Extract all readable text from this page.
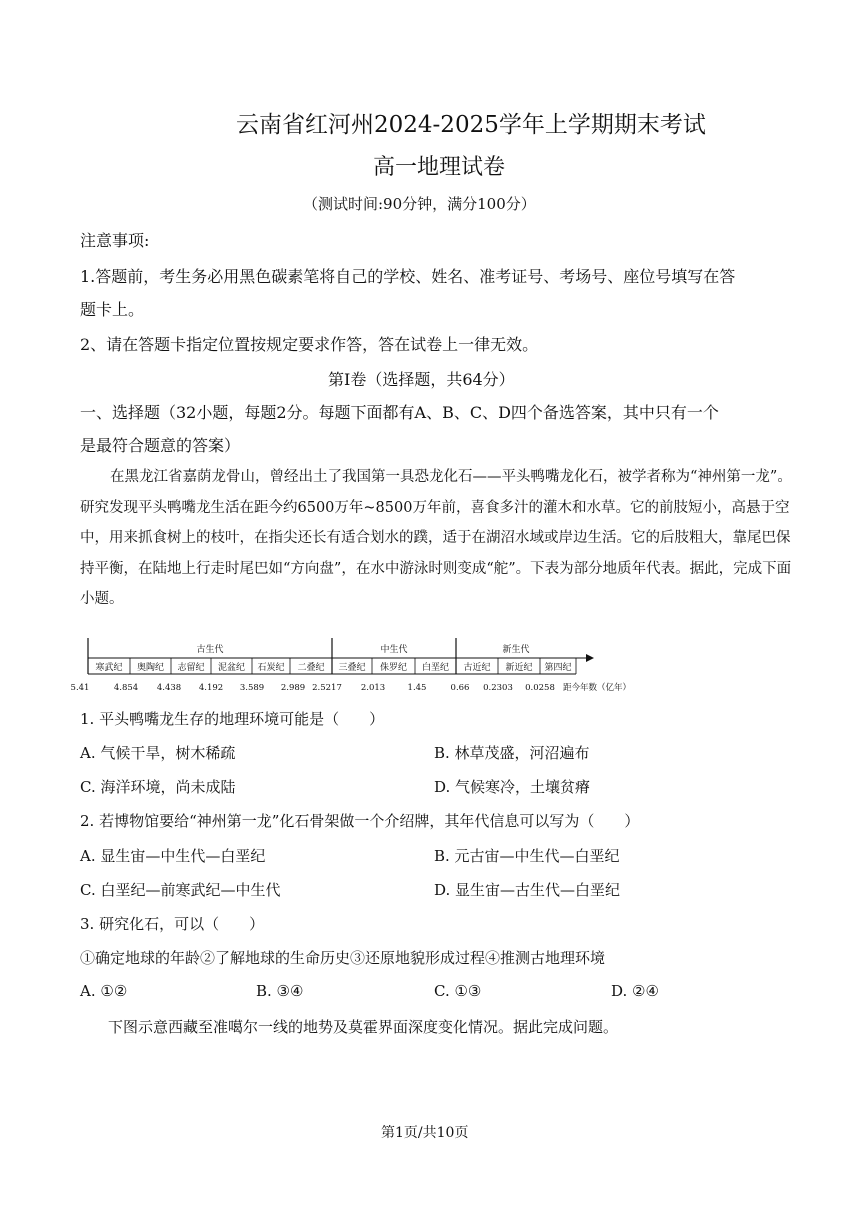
云南省红河州2024-2025学年上学期期末考试
高一地理试卷
（测试时间:90分钟，满分100分）
注意事项:
1.答题前，考生务必用黑色碳素笔将自己的学校、姓名、准考证号、考场号、座位号填写在答
题卡上。
2、请在答题卡指定位置按规定要求作答，答在试卷上一律无效。
第I卷（选择题，共64分）
一、选择题（32小题，每题2分。每题下面都有A、B、C、D四个备选答案，其中只有一个
是最符合题意的答案）
在黑龙江省嘉荫龙骨山，曾经出土了我国第一具恐龙化石——平头鸭嘴龙化石，被学者称为“神州第一龙”。研究发现平头鸭嘴龙生活在距今约6500万年~8500万年前，喜食多汁的灌木和水草。它的前肢短小，高悬于空中，用来抓食树上的枝叶，在指尖还长有适合划水的蹼，适于在湖沼水域或岸边生活。它的后肢粗大，靠尾巴保持平衡，在陆地上行走时尾巴如“方向盘”，在水中游泳时则变成“舵”。下表为部分地质年代表。据此，完成下面小题。
古生代	中生代	新生代
寒武纪 奥陶纪 志留纪 泥盆纪 石炭纪 二叠纪 三叠纪 侏罗纪 白垩纪 古近纪 新近纪 第四纪
5.41	4.854 4.438 4.192 3.589 2.989 2.5217 2.013	1.45	0.66 0.2303 0.0258 距今年数（亿年）
1. 平头鸭嘴龙生存的地理环境可能是（　　）
A. 气候干旱，树木稀疏	B. 林草茂盛，河沼遍布
C. 海洋环境，尚未成陆	D. 气候寒冷，土壤贫瘠
2. 若博物馆要给“神州第一龙”化石骨架做一个介绍牌，其年代信息可以写为（　　）
A. 显生宙—中生代—白垩纪	B. 元古宙—中生代—白垩纪
C. 白垩纪—前寒武纪—中生代	D. 显生宙—古生代—白垩纪
3. 研究化石，可以（　　）
①确定地球的年龄②了解地球的生命历史③还原地貌形成过程④推测古地理环境
A. ①②	B. ③④	C. ①③	D. ②④
下图示意西藏至准噶尔一线的地势及莫霍界面深度变化情况。据此完成问题。
第1页/共10页
